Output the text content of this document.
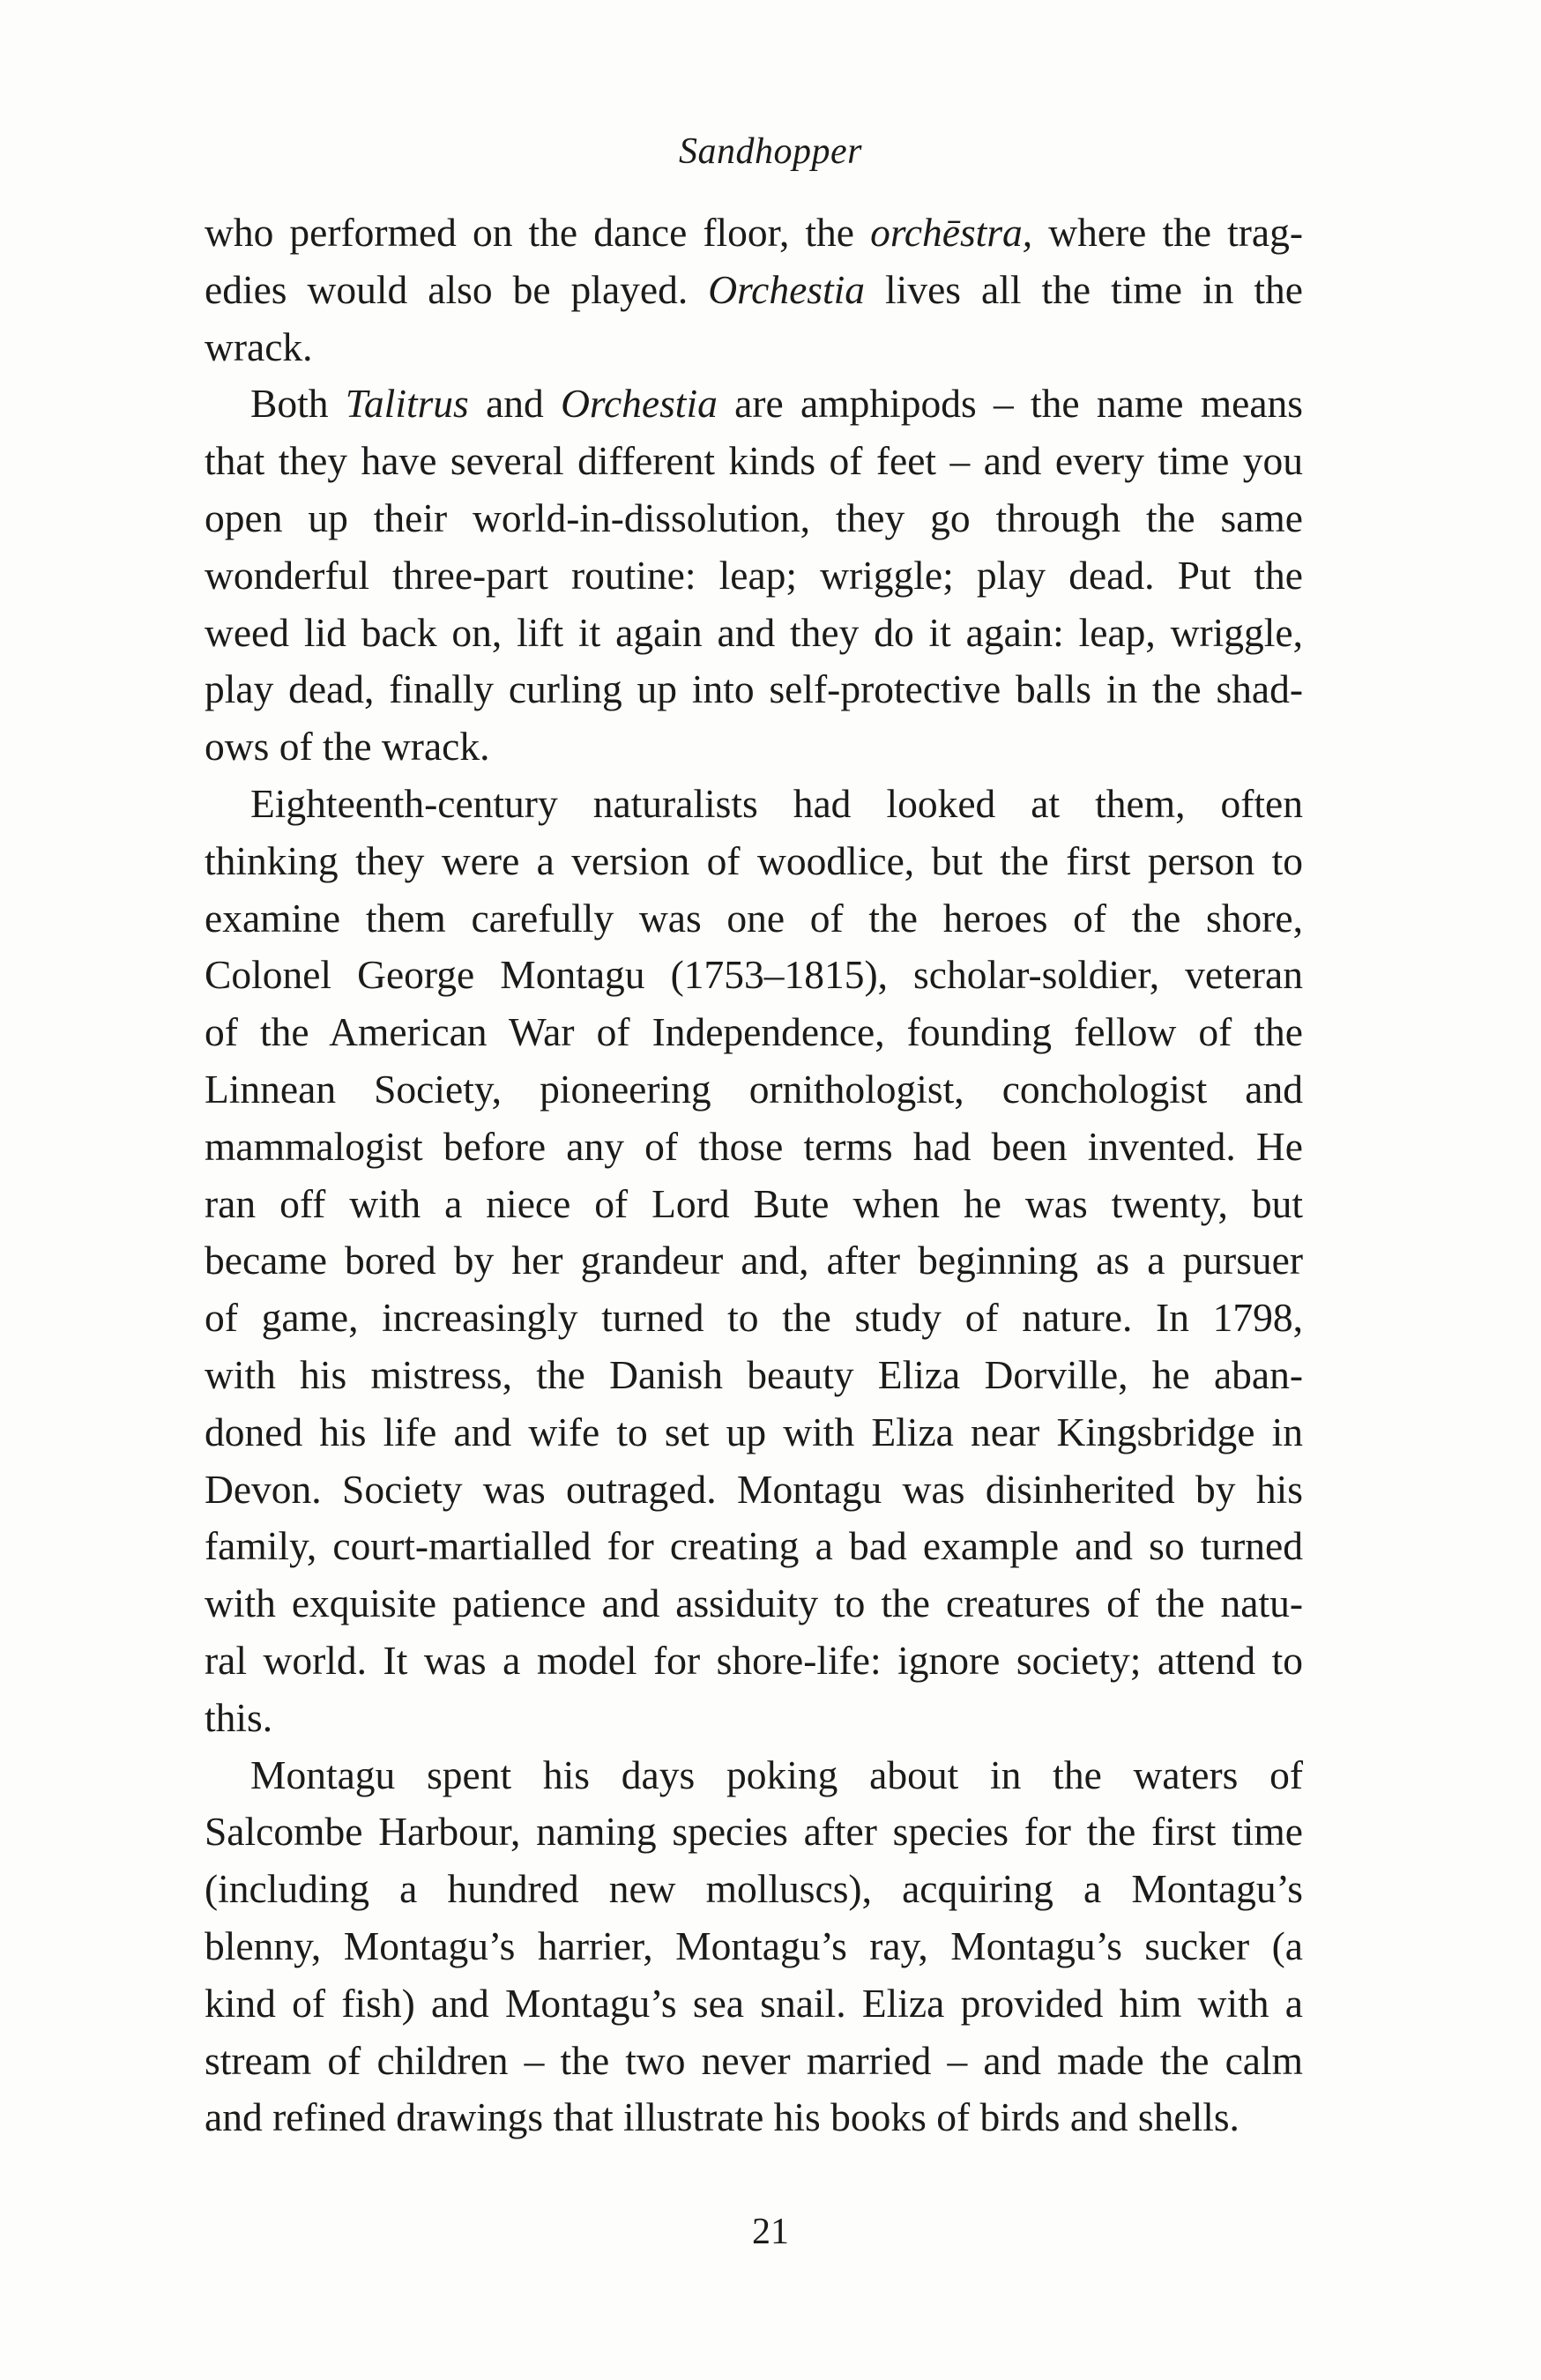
Sandhopper

who performed on the dance floor, the orchēstra, where the trag-
edies would also be played. Orchestia lives all the time in the
wrack.

Both Talitrus and Orchestia are amphipods – the name means
that they have several different kinds of feet – and every time you
open up their world-in-dissolution, they go through the same
wonderful three-part routine: leap; wriggle; play dead. Put the
weed lid back on, lift it again and they do it again: leap, wriggle,
play dead, finally curling up into self-protective balls in the shad-
ows of the wrack.

Eighteenth-century naturalists had looked at them, often
thinking they were a version of woodlice, but the first person to
examine them carefully was one of the heroes of the shore,
Colonel George Montagu (1753–1815), scholar-soldier, veteran
of the American War of Independence, founding fellow of the
Linnean Society, pioneering ornithologist, conchologist and
mammalogist before any of those terms had been invented. He
ran off with a niece of Lord Bute when he was twenty, but
became bored by her grandeur and, after beginning as a pursuer
of game, increasingly turned to the study of nature. In 1798,
with his mistress, the Danish beauty Eliza Dorville, he aban-
doned his life and wife to set up with Eliza near Kingsbridge in
Devon. Society was outraged. Montagu was disinherited by his
family, court-martialled for creating a bad example and so turned
with exquisite patience and assiduity to the creatures of the natu-
ral world. It was a model for shore-life: ignore society; attend to
this.

Montagu spent his days poking about in the waters of
Salcombe Harbour, naming species after species for the first time
(including a hundred new molluscs), acquiring a Montagu’s
blenny, Montagu’s harrier, Montagu’s ray, Montagu’s sucker (a
kind of fish) and Montagu’s sea snail. Eliza provided him with a
stream of children – the two never married – and made the calm
and refined drawings that illustrate his books of birds and shells.

21
